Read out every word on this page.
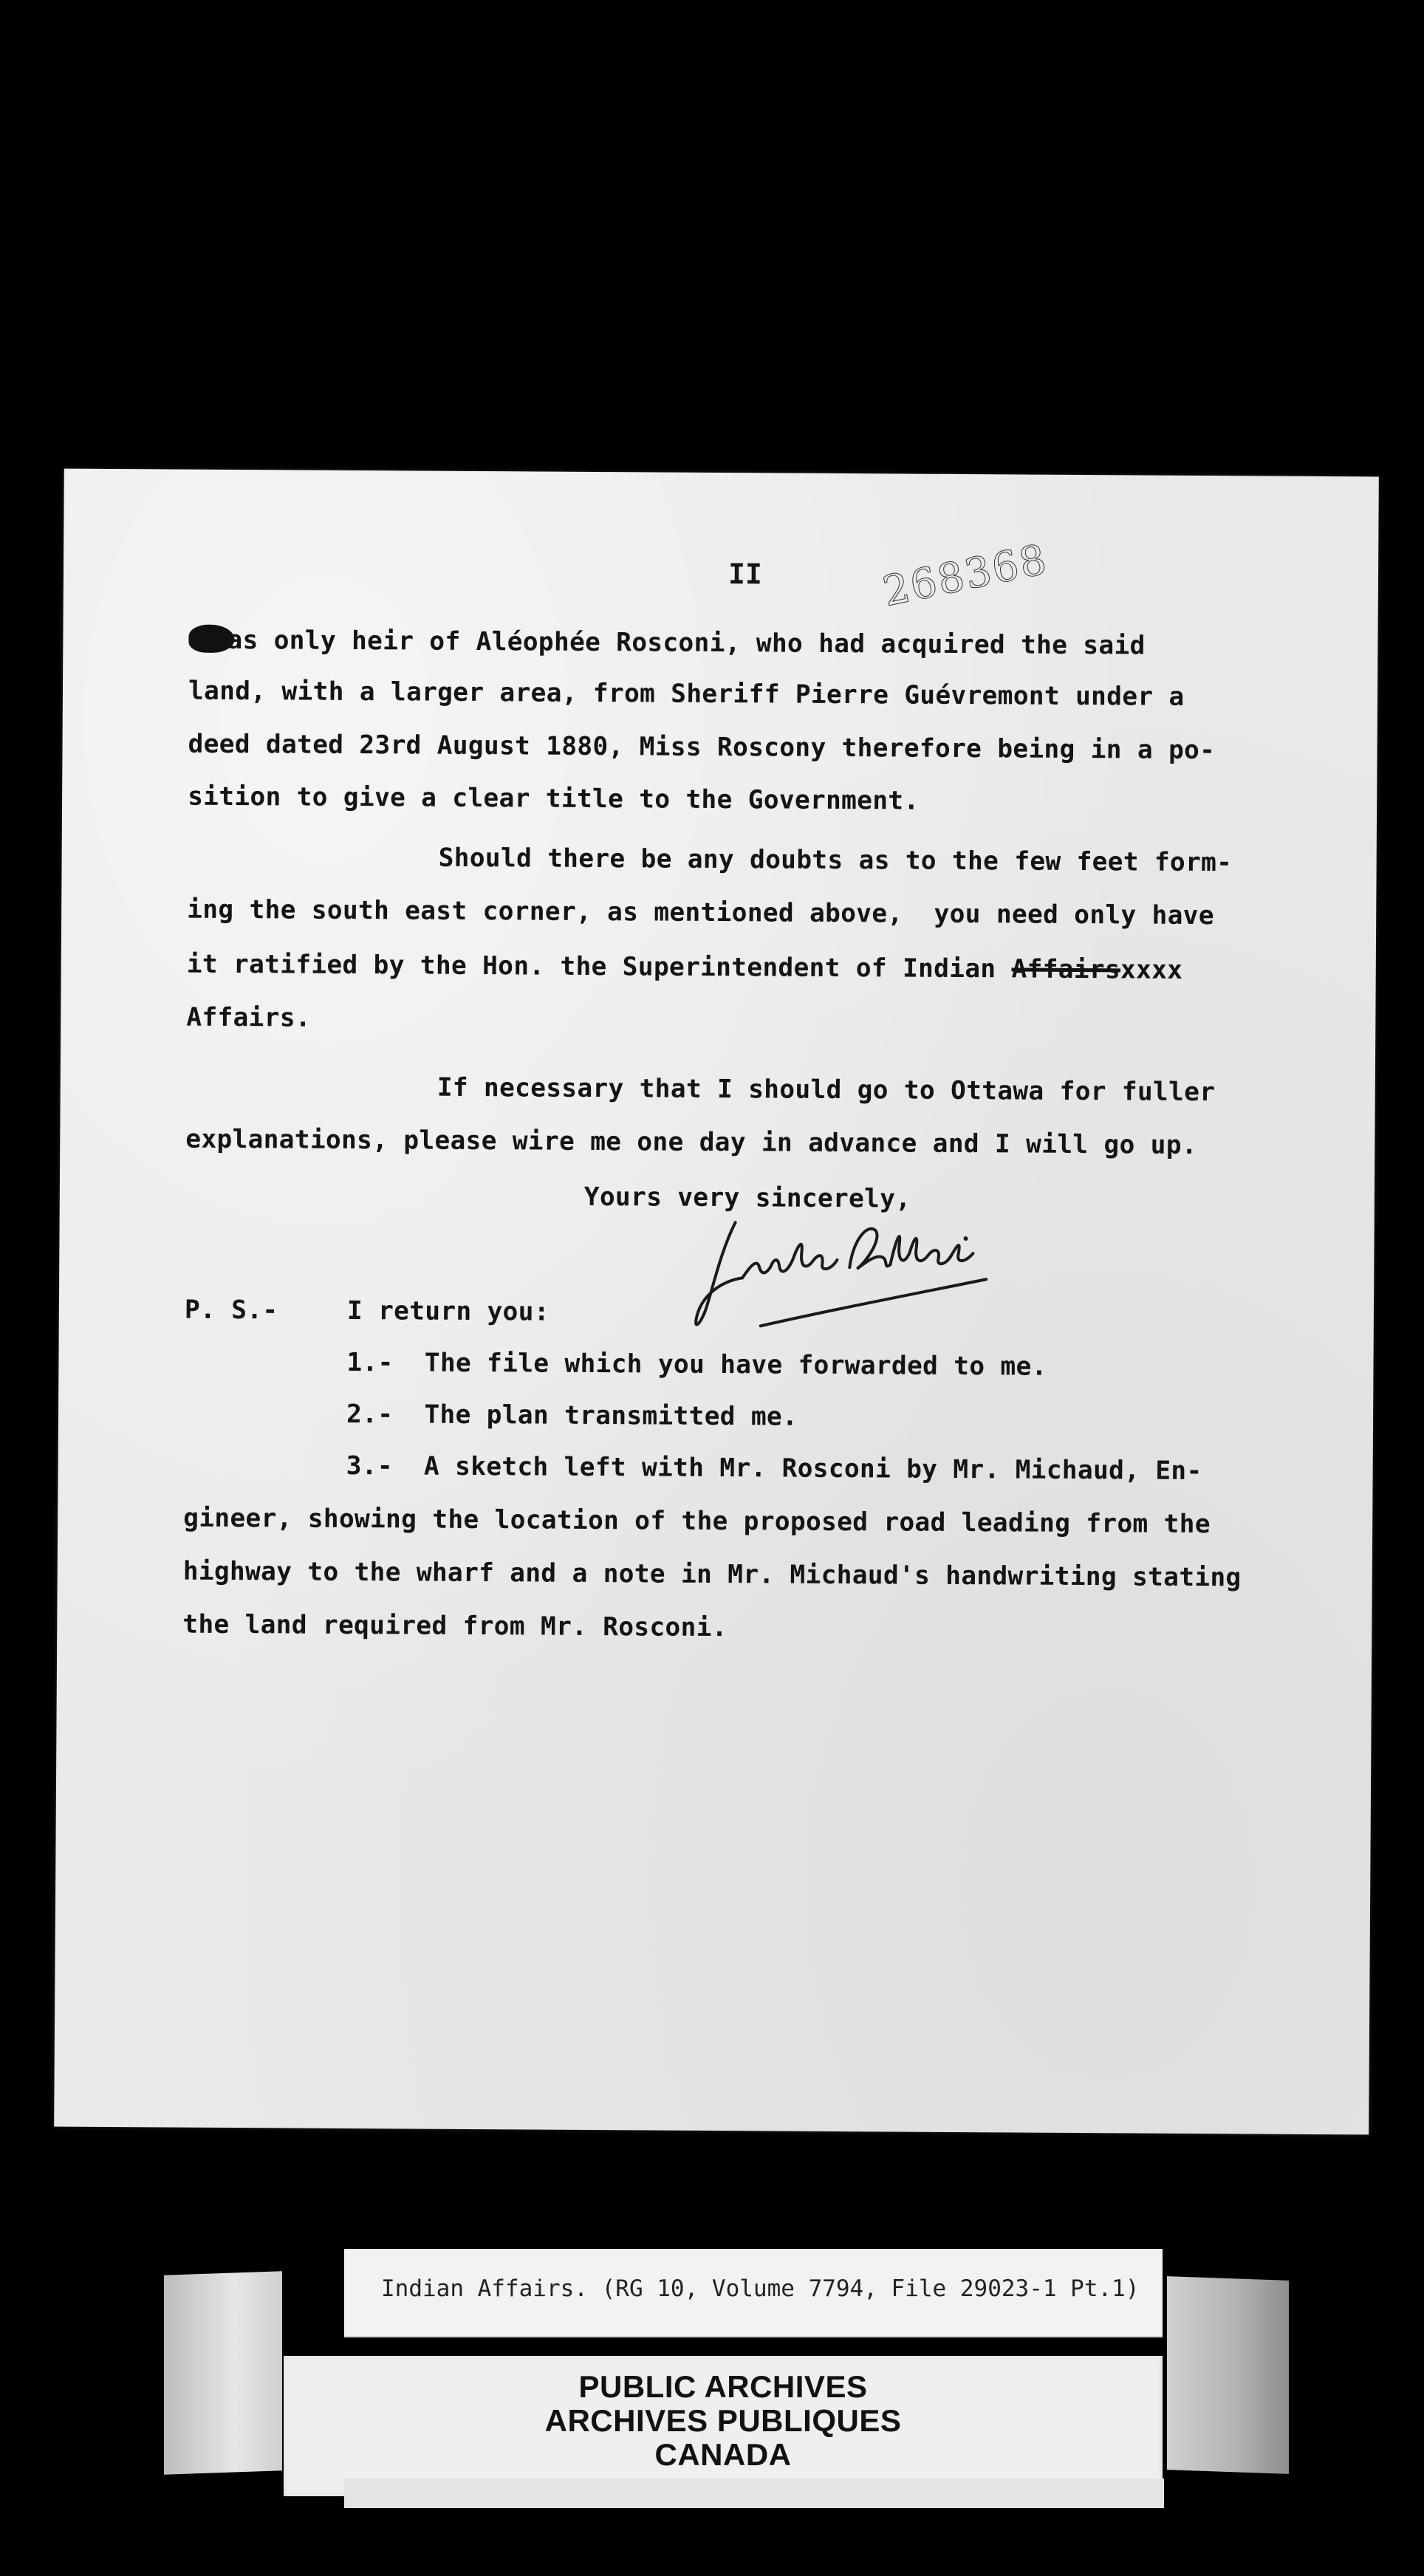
II	268368

as only heir of Aléophée Rosconi, who had acquired the said

land, with a larger area, from Sheriff Pierre Guévremont under a

deed dated 23rd August 1880, Miss Roscony therefore being in a po-

sition to give a clear title to the Government.

Should there be any doubts as to the few feet form-

ing the south east corner, as mentioned above,  you need only have

it ratified by the Hon. the Superintendent of Indian Affairsxxxx

Affairs.

If necessary that I should go to Ottawa for fuller

explanations, please wire me one day in advance and I will go up.

Yours very sincerely,

P. S.-	I return you:

1.-  The file which you have forwarded to me.

2.-  The plan transmitted me.

3.-  A sketch left with Mr. Rosconi by Mr. Michaud, En-

gineer, showing the location of the proposed road leading from the

highway to the wharf and a note in Mr. Michaud's handwriting stating

the land required from Mr. Rosconi.

Indian Affairs. (RG 10, Volume 7794, File 29023-1 Pt.1)
PUBLIC ARCHIVES
ARCHIVES PUBLIQUES
CANADA
